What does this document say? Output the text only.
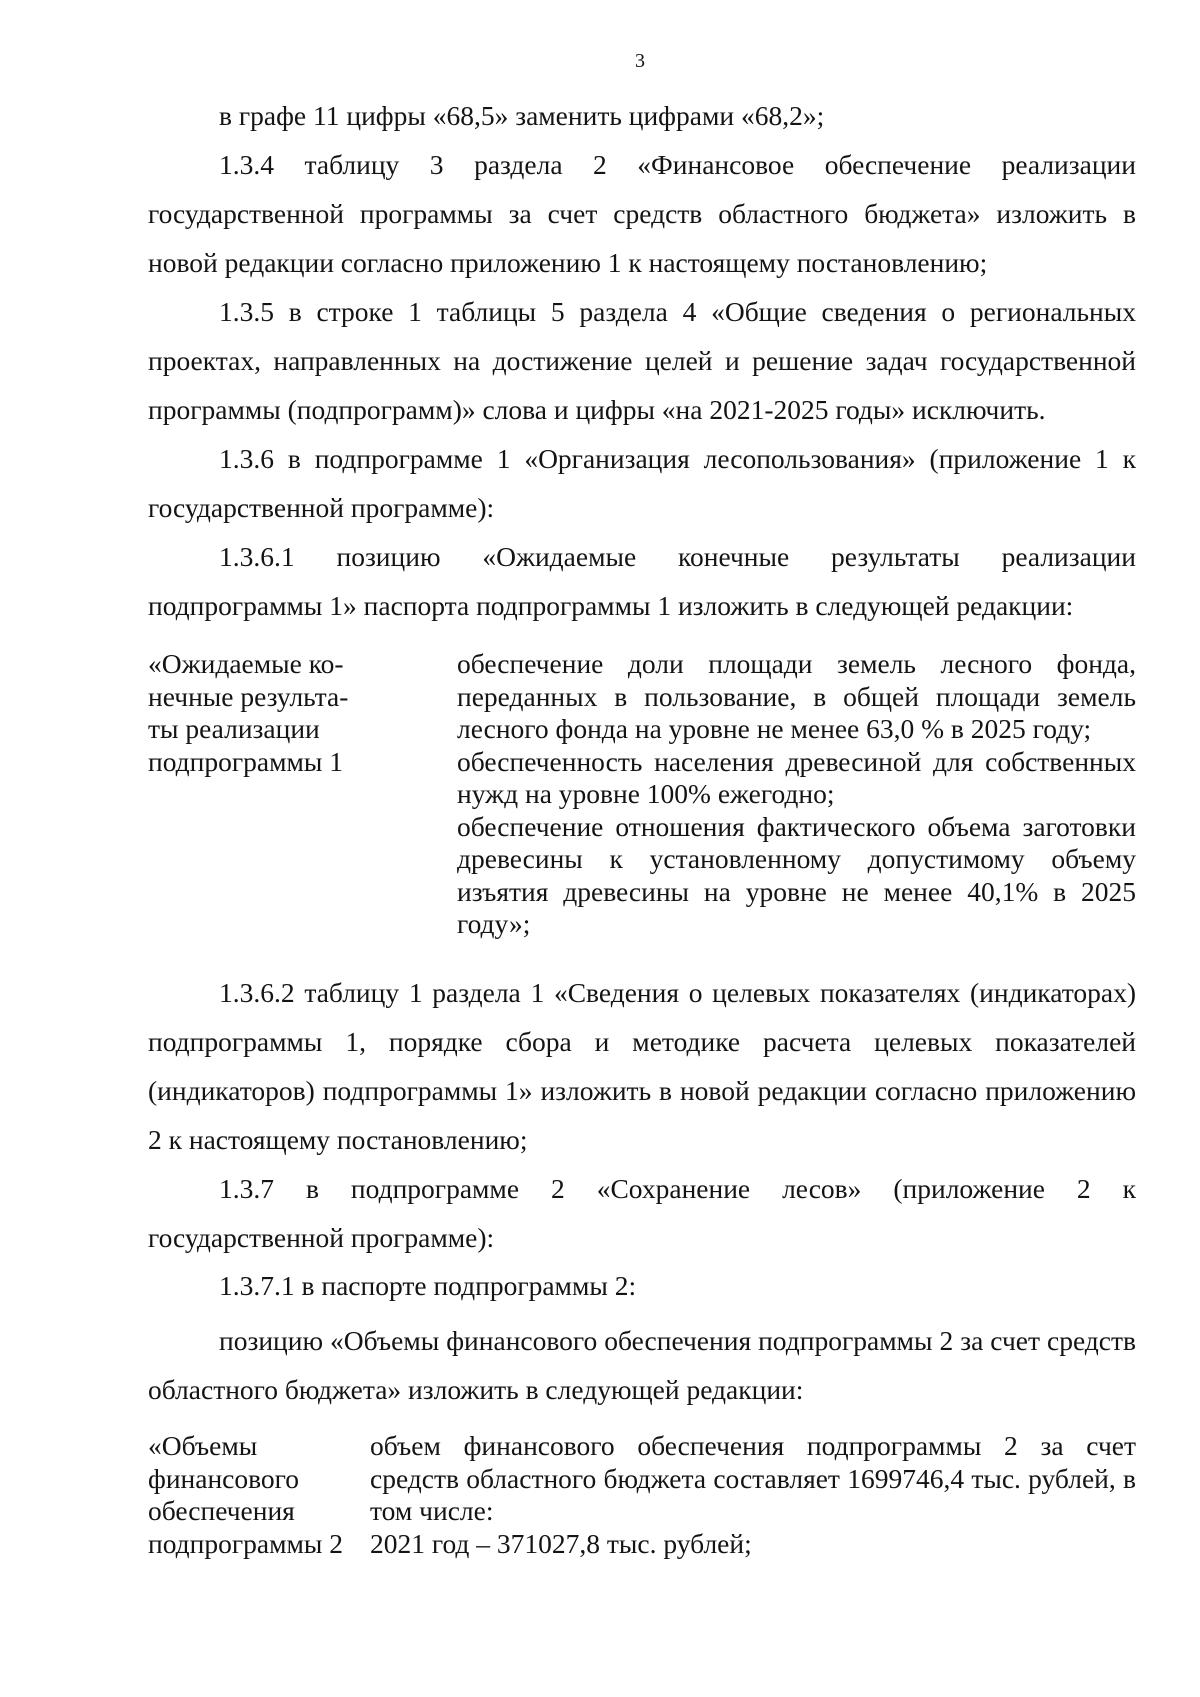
3

в графе 11 цифры «68,5» заменить цифрами «68,2»;

1.3.4 таблицу 3 раздела 2 «Финансовое обеспечение реализации государственной программы за счет средств областного бюджета» изложить в новой редакции согласно приложению 1 к настоящему постановлению;

1.3.5 в строке 1 таблицы 5 раздела 4 «Общие сведения о региональных проектах, направленных на достижение целей и решение задач государственной программы (подпрограмм)» слова и цифры «на 2021-2025 годы» исключить.

1.3.6 в подпрограмме 1 «Организация лесопользования» (приложение 1 к государственной программе):

1.3.6.1 позицию «Ожидаемые конечные результаты реализации подпрограммы 1» паспорта подпрограммы 1 изложить в следующей редакции:

«Ожидаемые ко-
нечные результа-
ты реализации
подпрограммы 1
обеспечение доли площади земель лесного фонда, переданных в пользование, в общей площади земель лесного фонда на уровне не менее 63,0 % в 2025 году;
обеспеченность населения древесиной для собственных нужд на уровне 100% ежегодно;
обеспечение отношения фактического объема заготовки древесины к установленному допустимому объему изъятия древесины на уровне не менее 40,1% в 2025 году»;

1.3.6.2 таблицу 1 раздела 1 «Сведения о целевых показателях (индикаторах) подпрограммы 1, порядке сбора и методике расчета целевых показателей (индикаторов) подпрограммы 1» изложить в новой редакции согласно приложению 2 к настоящему постановлению;

1.3.7 в подпрограмме 2 «Сохранение лесов» (приложение 2 к государственной программе):

1.3.7.1 в паспорте подпрограммы 2:

позицию «Объемы финансового обеспечения подпрограммы 2 за счет средств областного бюджета» изложить в следующей редакции:

«Объемы
финансового
обеспечения
подпрограммы 2
объем финансового обеспечения подпрограммы 2 за счет средств областного бюджета составляет 1699746,4 тыс. рублей, в том числе:
2021 год – 371027,8 тыс. рублей;
